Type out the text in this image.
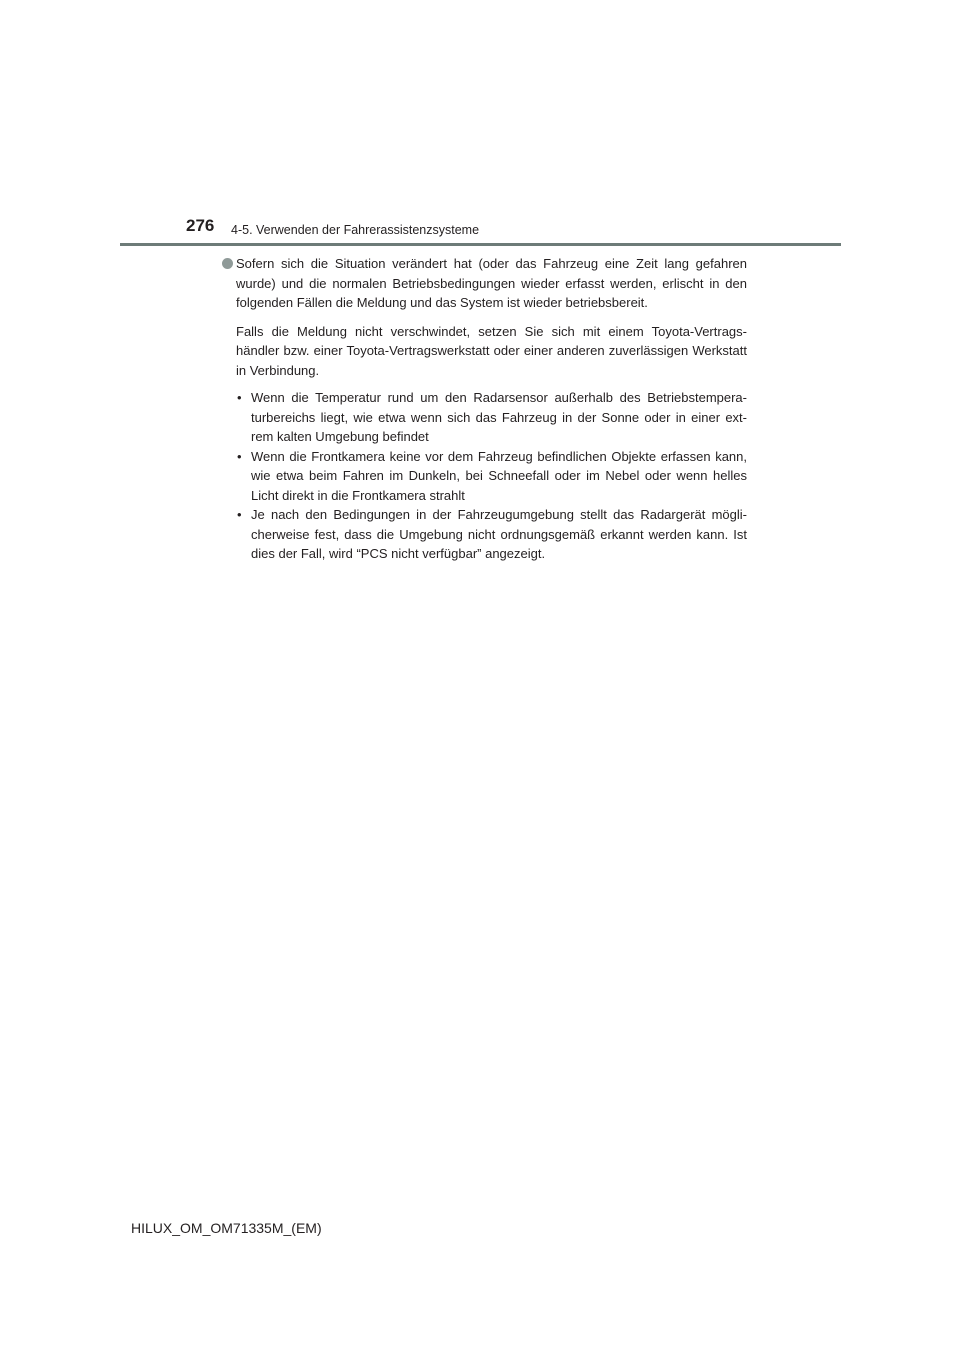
276 4-5. Verwenden der Fahrerassistenzsysteme

Sofern sich die Situation verändert hat (oder das Fahrzeug eine Zeit lang gefahren wurde) und die normalen Betriebsbedingungen wieder erfasst werden, erlischt in den folgenden Fällen die Meldung und das System ist wieder betriebsbereit.

Falls die Meldung nicht verschwindet, setzen Sie sich mit einem Toyota-Vertrags- händler bzw. einer Toyota-Vertragswerkstatt oder einer anderen zuverlässigen Werkstatt in Verbindung.

• Wenn die Temperatur rund um den Radarsensor außerhalb des Betriebstempera- turbereichs liegt, wie etwa wenn sich das Fahrzeug in der Sonne oder in einer ext- rem kalten Umgebung befindet
• Wenn die Frontkamera keine vor dem Fahrzeug befindlichen Objekte erfassen kann, wie etwa beim Fahren im Dunkeln, bei Schneefall oder im Nebel oder wenn helles Licht direkt in die Frontkamera strahlt
• Je nach den Bedingungen in der Fahrzeugumgebung stellt das Radargerät mögli- cherweise fest, dass die Umgebung nicht ordnungsgemäß erkannt werden kann. Ist dies der Fall, wird “PCS nicht verfügbar” angezeigt.
HILUX_OM_OM71335M_(EM)
